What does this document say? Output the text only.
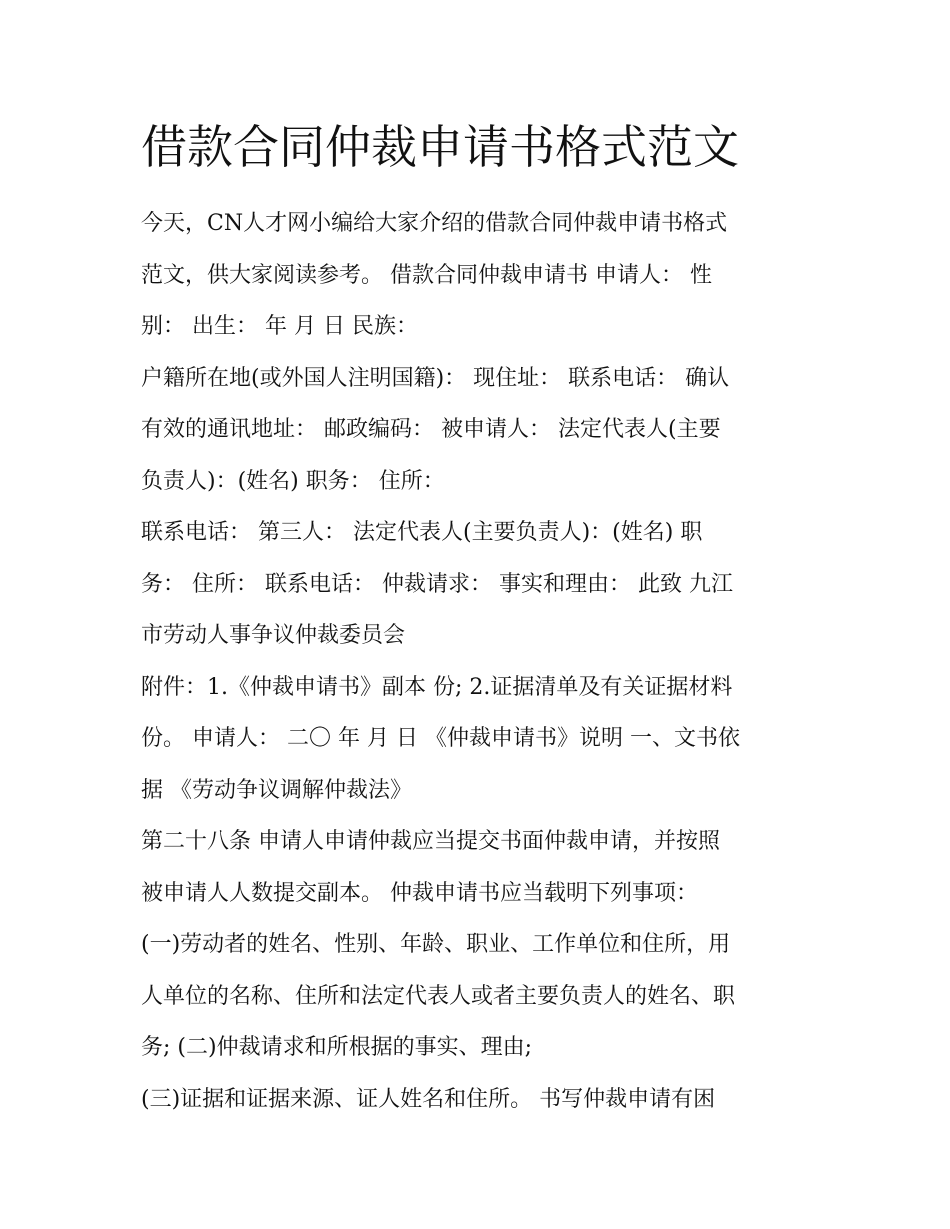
借款合同仲裁申请书格式范文
今天，CN人才网小编给大家介绍的借款合同仲裁申请书格式
范文，供大家阅读参考。 借款合同仲裁申请书 申请人： 性
别： 出生： 年 月 日 民族：
户籍所在地(或外国人注明国籍)： 现住址： 联系电话： 确认
有效的通讯地址： 邮政编码： 被申请人： 法定代表人(主要
负责人)：(姓名) 职务： 住所：
联系电话： 第三人： 法定代表人(主要负责人)：(姓名) 职
务： 住所： 联系电话： 仲裁请求： 事实和理由： 此致 九江
市劳动人事争议仲裁委员会
附件：1.《仲裁申请书》副本 份; 2.证据清单及有关证据材料
份。 申请人： 二〇 年 月 日 《仲裁申请书》说明 一、文书依
据 《劳动争议调解仲裁法》
第二十八条 申请人申请仲裁应当提交书面仲裁申请，并按照
被申请人人数提交副本。 仲裁申请书应当载明下列事项：
(一)劳动者的姓名、性别、年龄、职业、工作单位和住所，用
人单位的名称、住所和法定代表人或者主要负责人的姓名、职
务; (二)仲裁请求和所根据的事实、理由;
(三)证据和证据来源、证人姓名和住所。 书写仲裁申请有困
